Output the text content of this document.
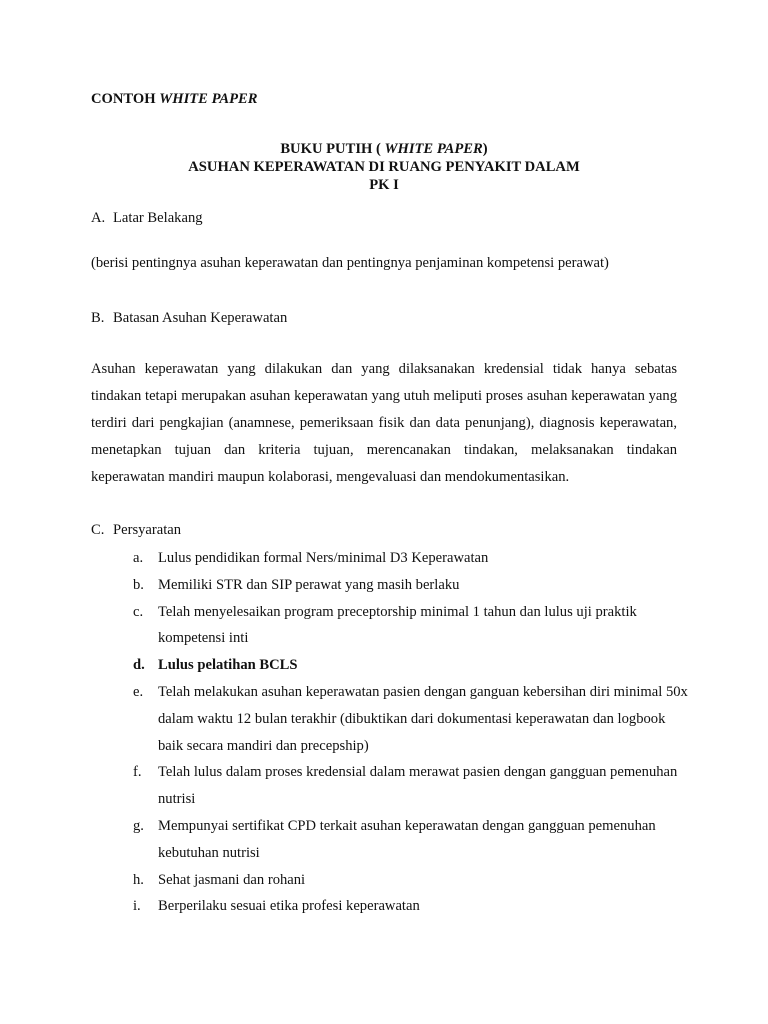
CONTOH WHITE PAPER
BUKU PUTIH ( WHITE PAPER)
ASUHAN KEPERAWATAN DI RUANG PENYAKIT DALAM
PK I
A. Latar Belakang
(berisi pentingnya asuhan keperawatan dan pentingnya penjaminan kompetensi perawat)
B. Batasan Asuhan Keperawatan
Asuhan keperawatan yang dilakukan dan yang dilaksanakan kredensial tidak hanya sebatas tindakan tetapi merupakan asuhan keperawatan yang utuh meliputi proses asuhan keperawatan yang terdiri dari pengkajian (anamnese, pemeriksaan fisik dan data penunjang), diagnosis keperawatan, menetapkan tujuan dan kriteria tujuan, merencanakan tindakan, melaksanakan tindakan keperawatan mandiri maupun kolaborasi, mengevaluasi dan mendokumentasikan.
C. Persyaratan
a.	Lulus pendidikan formal Ners/minimal D3 Keperawatan
b. Memiliki STR dan SIP perawat yang masih berlaku
c.	Telah menyelesaikan program preceptorship minimal 1 tahun dan lulus uji praktik kompetensi inti
d. Lulus pelatihan BCLS
e.	Telah melakukan asuhan keperawatan pasien dengan ganguan kebersihan diri minimal 50x dalam waktu 12 bulan terakhir (dibuktikan dari dokumentasi keperawatan dan logbook baik secara mandiri dan precepship)
f.	Telah lulus dalam proses kredensial dalam merawat pasien dengan gangguan pemenuhan nutrisi
g. Mempunyai sertifikat CPD terkait asuhan keperawatan dengan gangguan pemenuhan kebutuhan nutrisi
h. Sehat jasmani dan rohani
i.	Berperilaku sesuai etika profesi keperawatan
